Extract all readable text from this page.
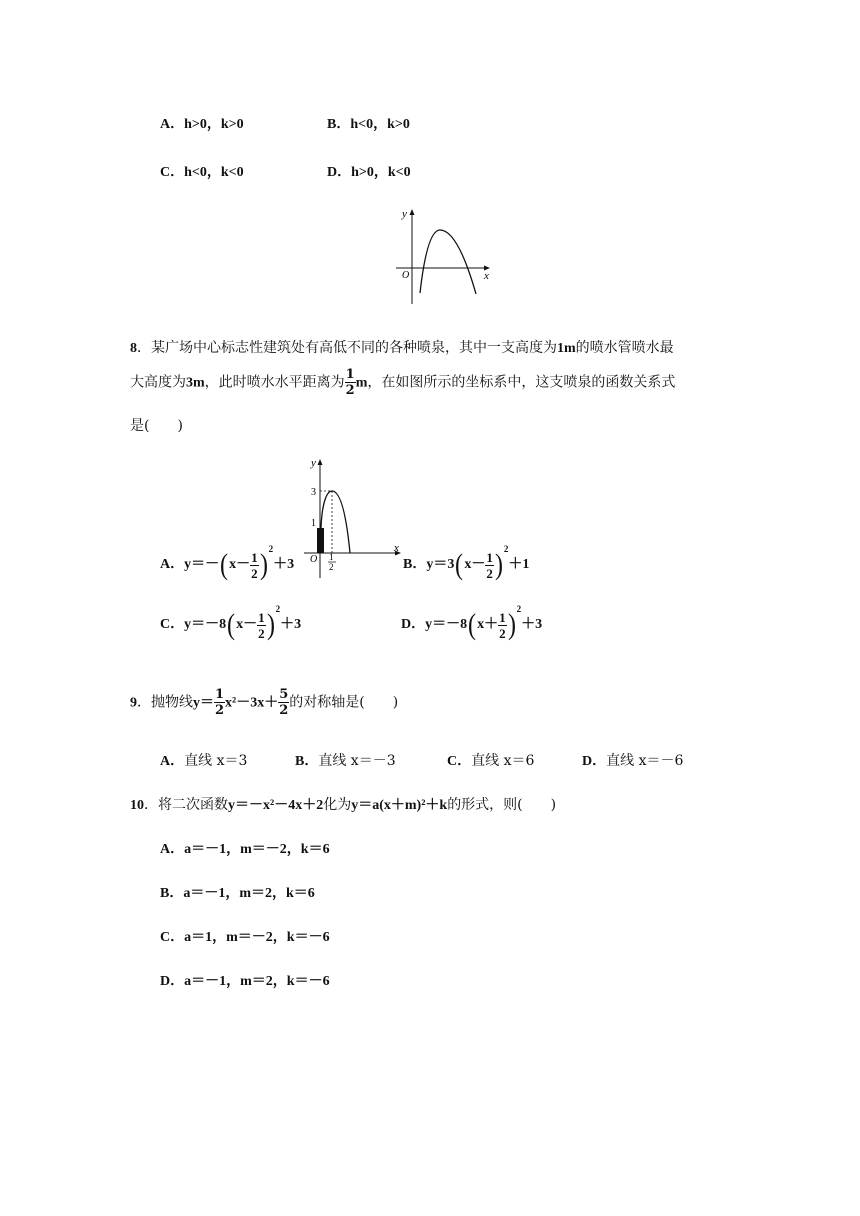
A．h>0，k>0	B．h<0，k>0
C．h<0，k<0	D．h>0，k<0
y
x
O
8．某广场中心标志性建筑处有高低不同的各种喷泉，其中一支高度为1m的喷水管喷水最
大高度为3m，此时喷水水平距离为 $\frac{1}{2}$ m，在如图所示的坐标系中，这支喷泉的函数关系式
是(　　)
y
x
O
3
1
1
2
A．$y=-(x- \frac{1}{2} )^2+3$	B．$y=3(x- \frac{1}{2} )^2+1$
C．$y=-8(x- \frac{1}{2} )^2+3$	D．$y=-8(x+ \frac{1}{2} )^2+3$
9．抛物线$y= \frac{1}{2} x^2-3x+ \frac{5}{2}$ 的对称轴是(　　)
A．直线 x＝3	B．直线 x＝－3	C．直线 x＝6	D．直线 x＝－6
10．将二次函数y＝－x²－4x＋2化为y＝a(x＋m)²＋k的形式，则(　　)
A．a＝－1，m＝－2，k＝6
B．a＝－1，m＝2，k＝6
C．a＝1，m＝－2，k＝－6
D．a＝－1，m＝2，k＝－6
